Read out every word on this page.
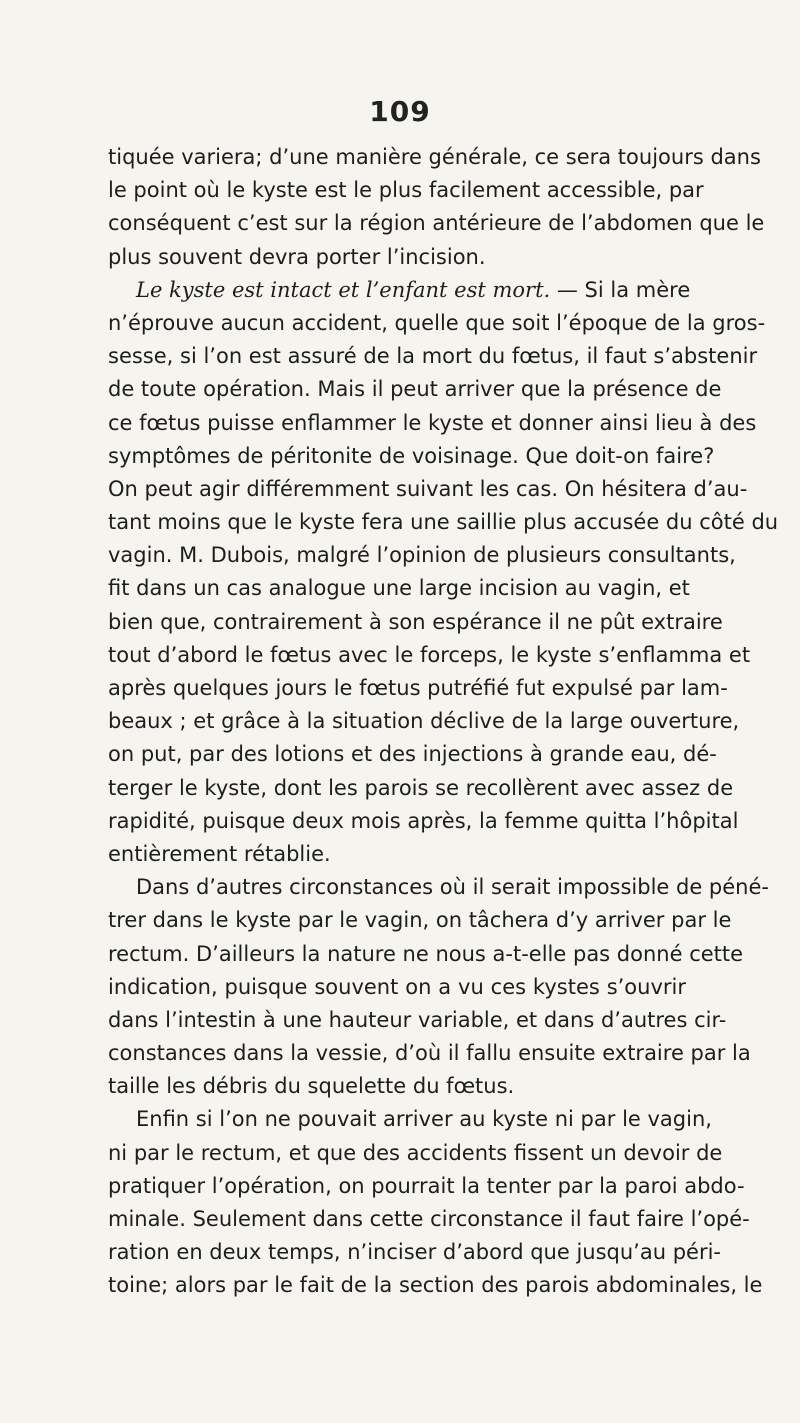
109
tiquée variera; d’une manière générale, ce sera toujours dans
le point où le kyste est le plus facilement accessible, par
conséquent c’est sur la région antérieure de l’abdomen que le
plus souvent devra porter l’incision.
Le kyste est intact et l’enfant est mort. — Si la mère
n’éprouve aucun accident, quelle que soit l’époque de la gros-
sesse, si l’on est assuré de la mort du fœtus, il faut s’abstenir
de toute opération. Mais il peut arriver que la présence de
ce fœtus puisse enflammer le kyste et donner ainsi lieu à des
symptômes de péritonite de voisinage. Que doit-on faire?
On peut agir différemment suivant les cas. On hésitera d’au-
tant moins que le kyste fera une saillie plus accusée du côté du
vagin. M. Dubois, malgré l’opinion de plusieurs consultants,
fit dans un cas analogue une large incision au vagin, et
bien que, contrairement à son espérance il ne pût extraire
tout d’abord le fœtus avec le forceps, le kyste s’enflamma et
après quelques jours le fœtus putréfié fut expulsé par lam-
beaux ; et grâce à la situation déclive de la large ouverture,
on put, par des lotions et des injections à grande eau, dé-
terger le kyste, dont les parois se recollèrent avec assez de
rapidité, puisque deux mois après, la femme quitta l’hôpital
entièrement rétablie.
Dans d’autres circonstances où il serait impossible de péné-
trer dans le kyste par le vagin, on tâchera d’y arriver par le
rectum. D’ailleurs la nature ne nous a-t-elle pas donné cette
indication, puisque souvent on a vu ces kystes s’ouvrir
dans l’intestin à une hauteur variable, et dans d’autres cir-
constances dans la vessie, d’où il fallu ensuite extraire par la
taille les débris du squelette du fœtus.
Enfin si l’on ne pouvait arriver au kyste ni par le vagin,
ni par le rectum, et que des accidents fissent un devoir de
pratiquer l’opération, on pourrait la tenter par la paroi abdo-
minale. Seulement dans cette circonstance il faut faire l’opé-
ration en deux temps, n’inciser d’abord que jusqu’au péri-
toine; alors par le fait de la section des parois abdominales, le
